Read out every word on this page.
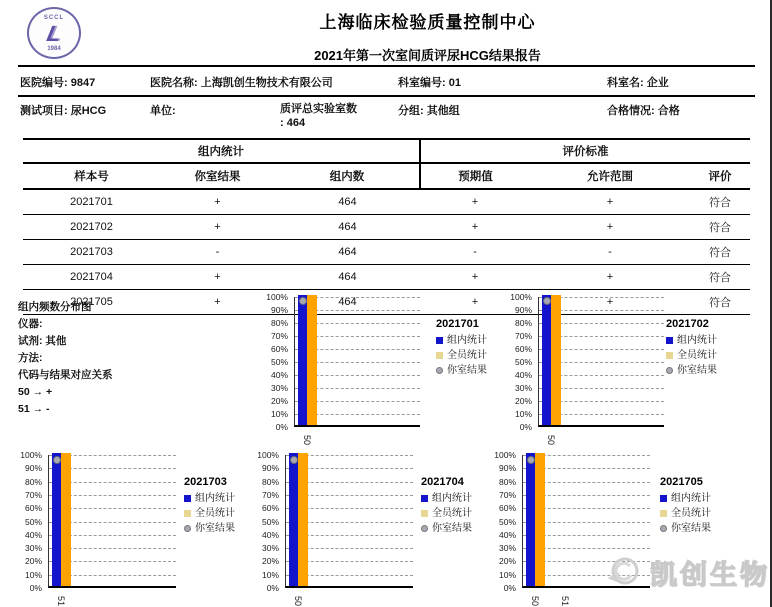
SCCL
L
1984
上海临床检验质量控制中心
2021年第一次室间质评尿HCG结果报告
医院编号: 9847	医院名称: 上海凯创生物技术有限公司	科室编号: 01	科室名: 企业
测试项目: 尿HCG	单位:	质评总实验室数
: 464
分组: 其他组	合格情况: 合格
组内统计			评价标准		
样本号	你室结果	组内数	预期值	允许范围	评价
2021701	+	464	+	+	符合
2021702	+	464	+	+	符合
2021703	-	464	-	-	符合
2021704	+	464	+	+	符合
2021705	+	464	+	+	符合
组内频数分布图
仪器:
试剂: 其他
方法:
代码与结果对应关系
50 → +
51 → -
0%
10%
20%
30%
40%
50%
60%
70%
80%
90%
100%
50
2021701
组内统计
全员统计
你室结果
0%
10%
20%
30%
40%
50%
60%
70%
80%
90%
100%
50
2021702
组内统计
全员统计
你室结果
0%
10%
20%
30%
40%
50%
60%
70%
80%
90%
100%
51
2021703
组内统计
全员统计
你室结果
0%
10%
20%
30%
40%
50%
60%
70%
80%
90%
100%
50
2021704
组内统计
全员统计
你室结果
0%
10%
20%
30%
40%
50%
60%
70%
80%
90%
100%
50 51
2021705
组内统计
全员统计
你室结果
凯创生物
